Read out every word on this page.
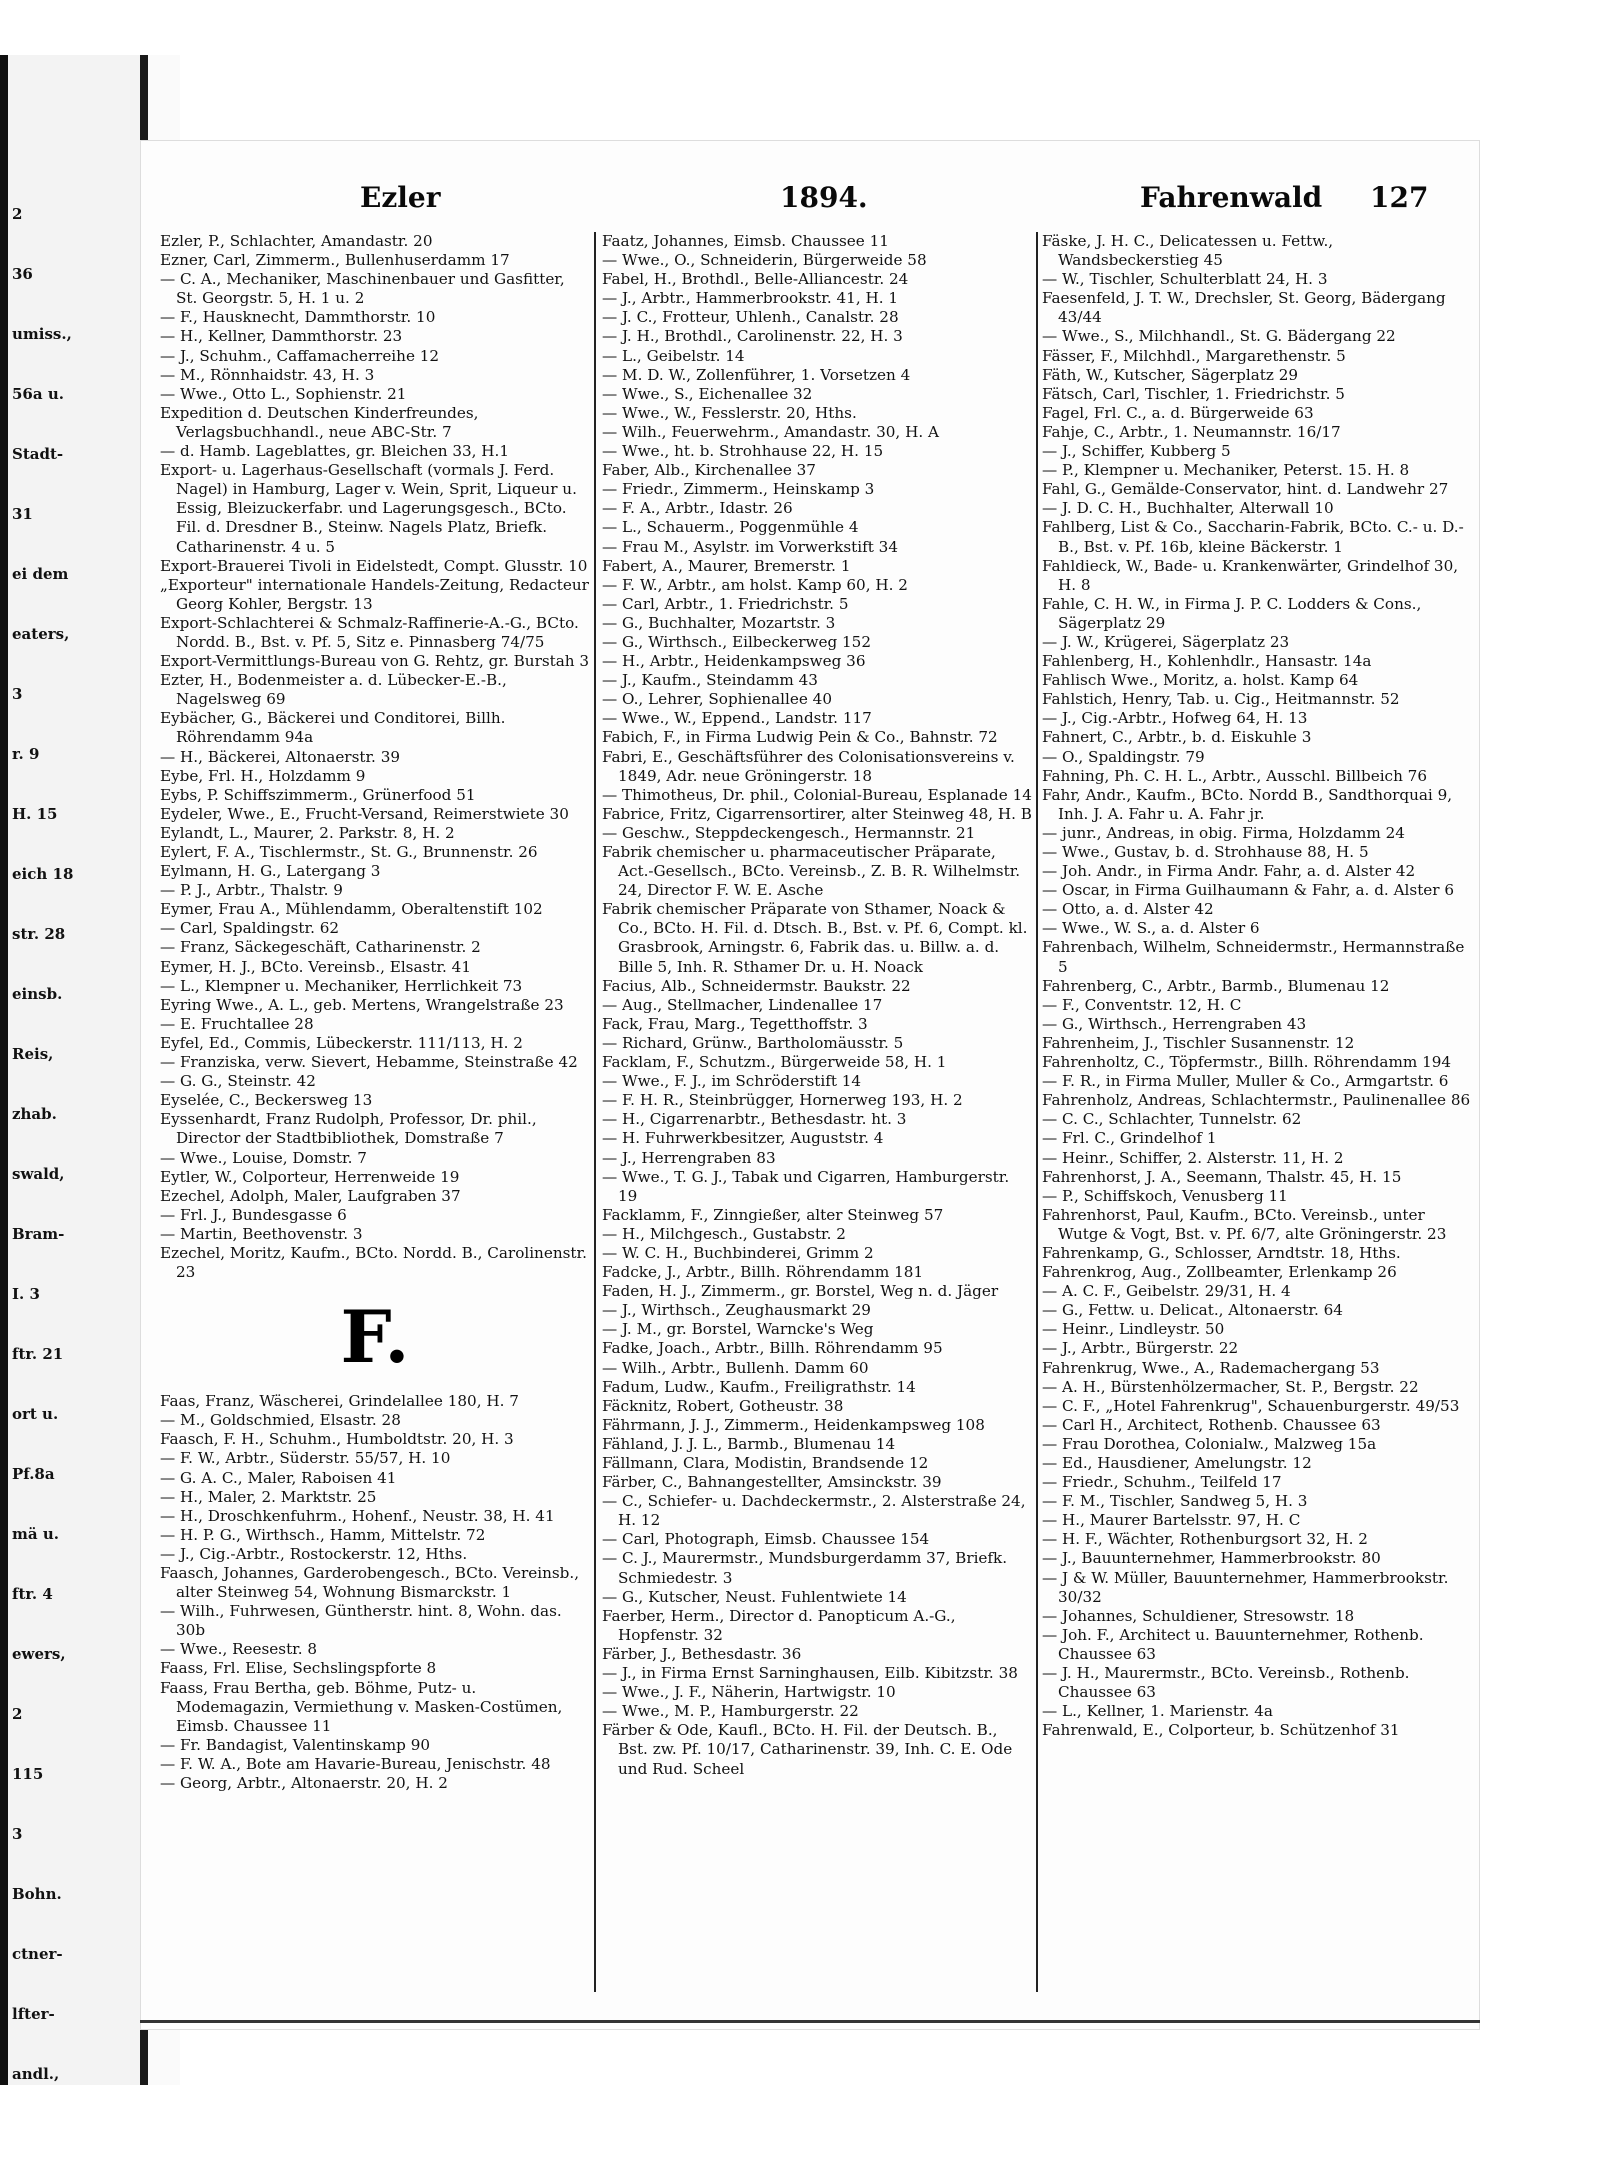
2
36
umiss.,
56a u.
Stadt-
31
ei dem
eaters,
3
r. 9
H. 15
eich 18
str. 28
einsb.
Reis,
zhab.
swald,
Bram-
I. 3
ftr. 21
ort u.
Pf.8a
mä u.
ftr. 4
ewers,
2
115
3
Bohn.
ctner-
lfter-
andl.,
Ezler	1894.	Fahrenwald 127

Ezler, P., Schlachter, Amandastr. 20

Ezner, Carl, Zimmerm., Bullenhuserdamm 17

— C. A., Mechaniker, Maschinenbauer und Gasfitter, St. Georgstr. 5, H. 1 u. 2

— F., Hausknecht, Dammthorstr. 10

— H., Kellner, Dammthorstr. 23

— J., Schuhm., Caffamacherreihe 12

— M., Rönnhaidstr. 43, H. 3

— Wwe., Otto L., Sophienstr. 21

Expedition d. Deutschen Kinderfreundes, Verlagsbuchhandl., neue ABC-Str. 7

— d. Hamb. Lageblattes, gr. Bleichen 33, H.1

Export- u. Lagerhaus-Gesellschaft (vormals J. Ferd. Nagel) in Hamburg, Lager v. Wein, Sprit, Liqueur u. Essig, Bleizuckerfabr. und Lagerungsgesch., BCto. Fil. d. Dresdner B., Steinw. Nagels Platz, Briefk. Catharinenstr. 4 u. 5

Export-Brauerei Tivoli in Eidelstedt, Compt. Glusstr. 10

„Exporteur" internationale Handels-Zeitung, Redacteur Georg Kohler, Bergstr. 13

Export-Schlachterei & Schmalz-Raffinerie-A.-G., BCto. Nordd. B., Bst. v. Pf. 5, Sitz e. Pinnasberg 74/75

Export-Vermittlungs-Bureau von G. Rehtz, gr. Burstah 3

Ezter, H., Bodenmeister a. d. Lübecker-E.-B., Nagelsweg 69

Eybächer, G., Bäckerei und Conditorei, Billh. Röhrendamm 94a

— H., Bäckerei, Altonaerstr. 39

Eybe, Frl. H., Holzdamm 9

Eybs, P. Schiffszimmerm., Grünerfood 51

Eydeler, Wwe., E., Frucht-Versand, Reimerstwiete 30

Eylandt, L., Maurer, 2. Parkstr. 8, H. 2

Eylert, F. A., Tischlermstr., St. G., Brunnenstr. 26

Eylmann, H. G., Latergang 3

— P. J., Arbtr., Thalstr. 9

Eymer, Frau A., Mühlendamm, Oberaltenstift 102

— Carl, Spaldingstr. 62

— Franz, Säckegeschäft, Catharinenstr. 2

Eymer, H. J., BCto. Vereinsb., Elsastr. 41

— L., Klempner u. Mechaniker, Herrlichkeit 73

Eyring Wwe., A. L., geb. Mertens, Wrangelstraße 23

— E. Fruchtallee 28

Eyfel, Ed., Commis, Lübeckerstr. 111/113, H. 2

— Franziska, verw. Sievert, Hebamme, Steinstraße 42

— G. G., Steinstr. 42

Eyselée, C., Beckersweg 13

Eyssenhardt, Franz Rudolph, Professor, Dr. phil., Director der Stadtbibliothek, Domstraße 7

— Wwe., Louise, Domstr. 7

Eytler, W., Colporteur, Herrenweide 19

Ezechel, Adolph, Maler, Laufgraben 37

— Frl. J., Bundesgasse 6

— Martin, Beethovenstr. 3

Ezechel, Moritz, Kaufm., BCto. Nordd. B., Carolinenstr. 23

F.

Faas, Franz, Wäscherei, Grindelallee 180, H. 7

— M., Goldschmied, Elsastr. 28

Faasch, F. H., Schuhm., Humboldtstr. 20, H. 3

— F. W., Arbtr., Süderstr. 55/57, H. 10

— G. A. C., Maler, Raboisen 41

— H., Maler, 2. Marktstr. 25

— H., Droschkenfuhrm., Hohenf., Neustr. 38, H. 41

— H. P. G., Wirthsch., Hamm, Mittelstr. 72

— J., Cig.-Arbtr., Rostockerstr. 12, Hths.

Faasch, Johannes, Garderobengesch., BCto. Vereinsb., alter Steinweg 54, Wohnung Bismarckstr. 1

— Wilh., Fuhrwesen, Güntherstr. hint. 8, Wohn. das. 30b

— Wwe., Reesestr. 8

Faass, Frl. Elise, Sechslingspforte 8

Faass, Frau Bertha, geb. Böhme, Putz- u. Modemagazin, Vermiethung v. Masken-Costümen, Eimsb. Chaussee 11

— Fr. Bandagist, Valentinskamp 90

— F. W. A., Bote am Havarie-Bureau, Jenischstr. 48

— Georg, Arbtr., Altonaerstr. 20, H. 2

Faatz, Johannes, Eimsb. Chaussee 11

— Wwe., O., Schneiderin, Bürgerweide 58

Fabel, H., Brothdl., Belle-Alliancestr. 24

— J., Arbtr., Hammerbrookstr. 41, H. 1

— J. C., Frotteur, Uhlenh., Canalstr. 28

— J. H., Brothdl., Carolinenstr. 22, H. 3

— L., Geibelstr. 14

— M. D. W., Zollenführer, 1. Vorsetzen 4

— Wwe., S., Eichenallee 32

— Wwe., W., Fesslerstr. 20, Hths.

— Wilh., Feuerwehrm., Amandastr. 30, H. A

— Wwe., ht. b. Strohhause 22, H. 15

Faber, Alb., Kirchenallee 37

— Friedr., Zimmerm., Heinskamp 3

— F. A., Arbtr., Idastr. 26

— L., Schauerm., Poggenmühle 4

— Frau M., Asylstr. im Vorwerkstift 34

Fabert, A., Maurer, Bremerstr. 1

— F. W., Arbtr., am holst. Kamp 60, H. 2

— Carl, Arbtr., 1. Friedrichstr. 5

— G., Buchhalter, Mozartstr. 3

— G., Wirthsch., Eilbeckerweg 152

— H., Arbtr., Heidenkampsweg 36

— J., Kaufm., Steindamm 43

— O., Lehrer, Sophienallee 40

— Wwe., W., Eppend., Landstr. 117

Fabich, F., in Firma Ludwig Pein & Co., Bahnstr. 72

Fabri, E., Geschäftsführer des Colonisationsvereins v. 1849, Adr. neue Gröningerstr. 18

— Thimotheus, Dr. phil., Colonial-Bureau, Esplanade 14

Fabrice, Fritz, Cigarrensortirer, alter Steinweg 48, H. B

— Geschw., Steppdeckengesch., Hermannstr. 21

Fabrik chemischer u. pharmaceutischer Präparate, Act.-Gesellsch., BCto. Vereinsb., Z. B. R. Wilhelmstr. 24, Director F. W. E. Asche

Fabrik chemischer Präparate von Sthamer, Noack & Co., BCto. H. Fil. d. Dtsch. B., Bst. v. Pf. 6, Compt. kl. Grasbrook, Arningstr. 6, Fabrik das. u. Billw. a. d. Bille 5, Inh. R. Sthamer Dr. u. H. Noack

Facius, Alb., Schneidermstr. Baukstr. 22

— Aug., Stellmacher, Lindenallee 17

Fack, Frau, Marg., Tegetthoffstr. 3

— Richard, Grünw., Bartholomäusstr. 5

Facklam, F., Schutzm., Bürgerweide 58, H. 1

— Wwe., F. J., im Schröderstift 14

— F. H. R., Steinbrügger, Hornerweg 193, H. 2

— H., Cigarrenarbtr., Bethesdastr. ht. 3

— H. Fuhrwerkbesitzer, Auguststr. 4

— J., Herrengraben 83

— Wwe., T. G. J., Tabak und Cigarren, Hamburgerstr. 19

Facklamm, F., Zinngießer, alter Steinweg 57

— H., Milchgesch., Gustabstr. 2

— W. C. H., Buchbinderei, Grimm 2

Fadcke, J., Arbtr., Billh. Röhrendamm 181

Faden, H. J., Zimmerm., gr. Borstel, Weg n. d. Jäger

— J., Wirthsch., Zeughausmarkt 29

— J. M., gr. Borstel, Warncke's Weg

Fadke, Joach., Arbtr., Billh. Röhrendamm 95

— Wilh., Arbtr., Bullenh. Damm 60

Fadum, Ludw., Kaufm., Freiligrathstr. 14

Fäcknitz, Robert, Gotheustr. 38

Fährmann, J. J., Zimmerm., Heidenkampsweg 108

Fähland, J. J. L., Barmb., Blumenau 14

Fällmann, Clara, Modistin, Brandsende 12

Färber, C., Bahnangestellter, Amsinckstr. 39

— C., Schiefer- u. Dachdeckermstr., 2. Alsterstraße 24, H. 12

— Carl, Photograph, Eimsb. Chaussee 154

— C. J., Maurermstr., Mundsburgerdamm 37, Briefk. Schmiedestr. 3

— G., Kutscher, Neust. Fuhlentwiete 14

Faerber, Herm., Director d. Panopticum A.-G., Hopfenstr. 32

Färber, J., Bethesdastr. 36

— J., in Firma Ernst Sarninghausen, Eilb. Kibitzstr. 38

— Wwe., J. F., Näherin, Hartwigstr. 10

— Wwe., M. P., Hamburgerstr. 22

Färber & Ode, Kaufl., BCto. H. Fil. der Deutsch. B., Bst. zw. Pf. 10/17, Catharinenstr. 39, Inh. C. E. Ode und Rud. Scheel

Fäske, J. H. C., Delicatessen u. Fettw., Wandsbeckerstieg 45

— W., Tischler, Schulterblatt 24, H. 3

Faesenfeld, J. T. W., Drechsler, St. Georg, Bädergang 43/44

— Wwe., S., Milchhandl., St. G. Bädergang 22

Fässer, F., Milchhdl., Margarethenstr. 5

Fäth, W., Kutscher, Sägerplatz 29

Fätsch, Carl, Tischler, 1. Friedrichstr. 5

Fagel, Frl. C., a. d. Bürgerweide 63

Fahje, C., Arbtr., 1. Neumannstr. 16/17

— J., Schiffer, Kubberg 5

— P., Klempner u. Mechaniker, Peterst. 15. H. 8

Fahl, G., Gemälde-Conservator, hint. d. Landwehr 27

— J. D. C. H., Buchhalter, Alterwall 10

Fahlberg, List & Co., Saccharin-Fabrik, BCto. C.- u. D.-B., Bst. v. Pf. 16b, kleine Bäckerstr. 1

Fahldieck, W., Bade- u. Krankenwärter, Grindelhof 30, H. 8

Fahle, C. H. W., in Firma J. P. C. Lodders & Cons., Sägerplatz 29

— J. W., Krügerei, Sägerplatz 23

Fahlenberg, H., Kohlenhdlr., Hansastr. 14a

Fahlisch Wwe., Moritz, a. holst. Kamp 64

Fahlstich, Henry, Tab. u. Cig., Heitmannstr. 52

— J., Cig.-Arbtr., Hofweg 64, H. 13

Fahnert, C., Arbtr., b. d. Eiskuhle 3

— O., Spaldingstr. 79

Fahning, Ph. C. H. L., Arbtr., Ausschl. Billbeich 76

Fahr, Andr., Kaufm., BCto. Nordd B., Sandthorquai 9, Inh. J. A. Fahr u. A. Fahr jr.

— junr., Andreas, in obig. Firma, Holzdamm 24

— Wwe., Gustav, b. d. Strohhause 88, H. 5

— Joh. Andr., in Firma Andr. Fahr, a. d. Alster 42

— Oscar, in Firma Guilhaumann & Fahr, a. d. Alster 6

— Otto, a. d. Alster 42

— Wwe., W. S., a. d. Alster 6

Fahrenbach, Wilhelm, Schneidermstr., Hermannstraße 5

Fahrenberg, C., Arbtr., Barmb., Blumenau 12

— F., Conventstr. 12, H. C

— G., Wirthsch., Herrengraben 43

Fahrenheim, J., Tischler Susannenstr. 12

Fahrenholtz, C., Töpfermstr., Billh. Röhrendamm 194

— F. R., in Firma Muller, Muller & Co., Armgartstr. 6

Fahrenholz, Andreas, Schlachtermstr., Paulinenallee 86

— C. C., Schlachter, Tunnelstr. 62

— Frl. C., Grindelhof 1

— Heinr., Schiffer, 2. Alsterstr. 11, H. 2

Fahrenhorst, J. A., Seemann, Thalstr. 45, H. 15

— P., Schiffskoch, Venusberg 11

Fahrenhorst, Paul, Kaufm., BCto. Vereinsb., unter Wutge & Vogt, Bst. v. Pf. 6/7, alte Gröningerstr. 23

Fahrenkamp, G., Schlosser, Arndtstr. 18, Hths.

Fahrenkrog, Aug., Zollbeamter, Erlenkamp 26

— A. C. F., Geibelstr. 29/31, H. 4

— G., Fettw. u. Delicat., Altonaerstr. 64

— Heinr., Lindleystr. 50

— J., Arbtr., Bürgerstr. 22

Fahrenkrug, Wwe., A., Rademachergang 53

— A. H., Bürstenhölzermacher, St. P., Bergstr. 22

— C. F., „Hotel Fahrenkrug", Schauenburgerstr. 49/53

— Carl H., Architect, Rothenb. Chaussee 63

— Frau Dorothea, Colonialw., Malzweg 15a

— Ed., Hausdiener, Amelungstr. 12

— Friedr., Schuhm., Teilfeld 17

— F. M., Tischler, Sandweg 5, H. 3

— H., Maurer Bartelsstr. 97, H. C

— H. F., Wächter, Rothenburgsort 32, H. 2

— J., Bauunternehmer, Hammerbrookstr. 80

— J & W. Müller, Bauunternehmer, Hammerbrookstr. 30/32

— Johannes, Schuldiener, Stresowstr. 18

— Joh. F., Architect u. Bauunternehmer, Rothenb. Chaussee 63

— J. H., Maurermstr., BCto. Vereinsb., Rothenb. Chaussee 63

— L., Kellner, 1. Marienstr. 4a

Fahrenwald, E., Colporteur, b. Schützenhof 31
